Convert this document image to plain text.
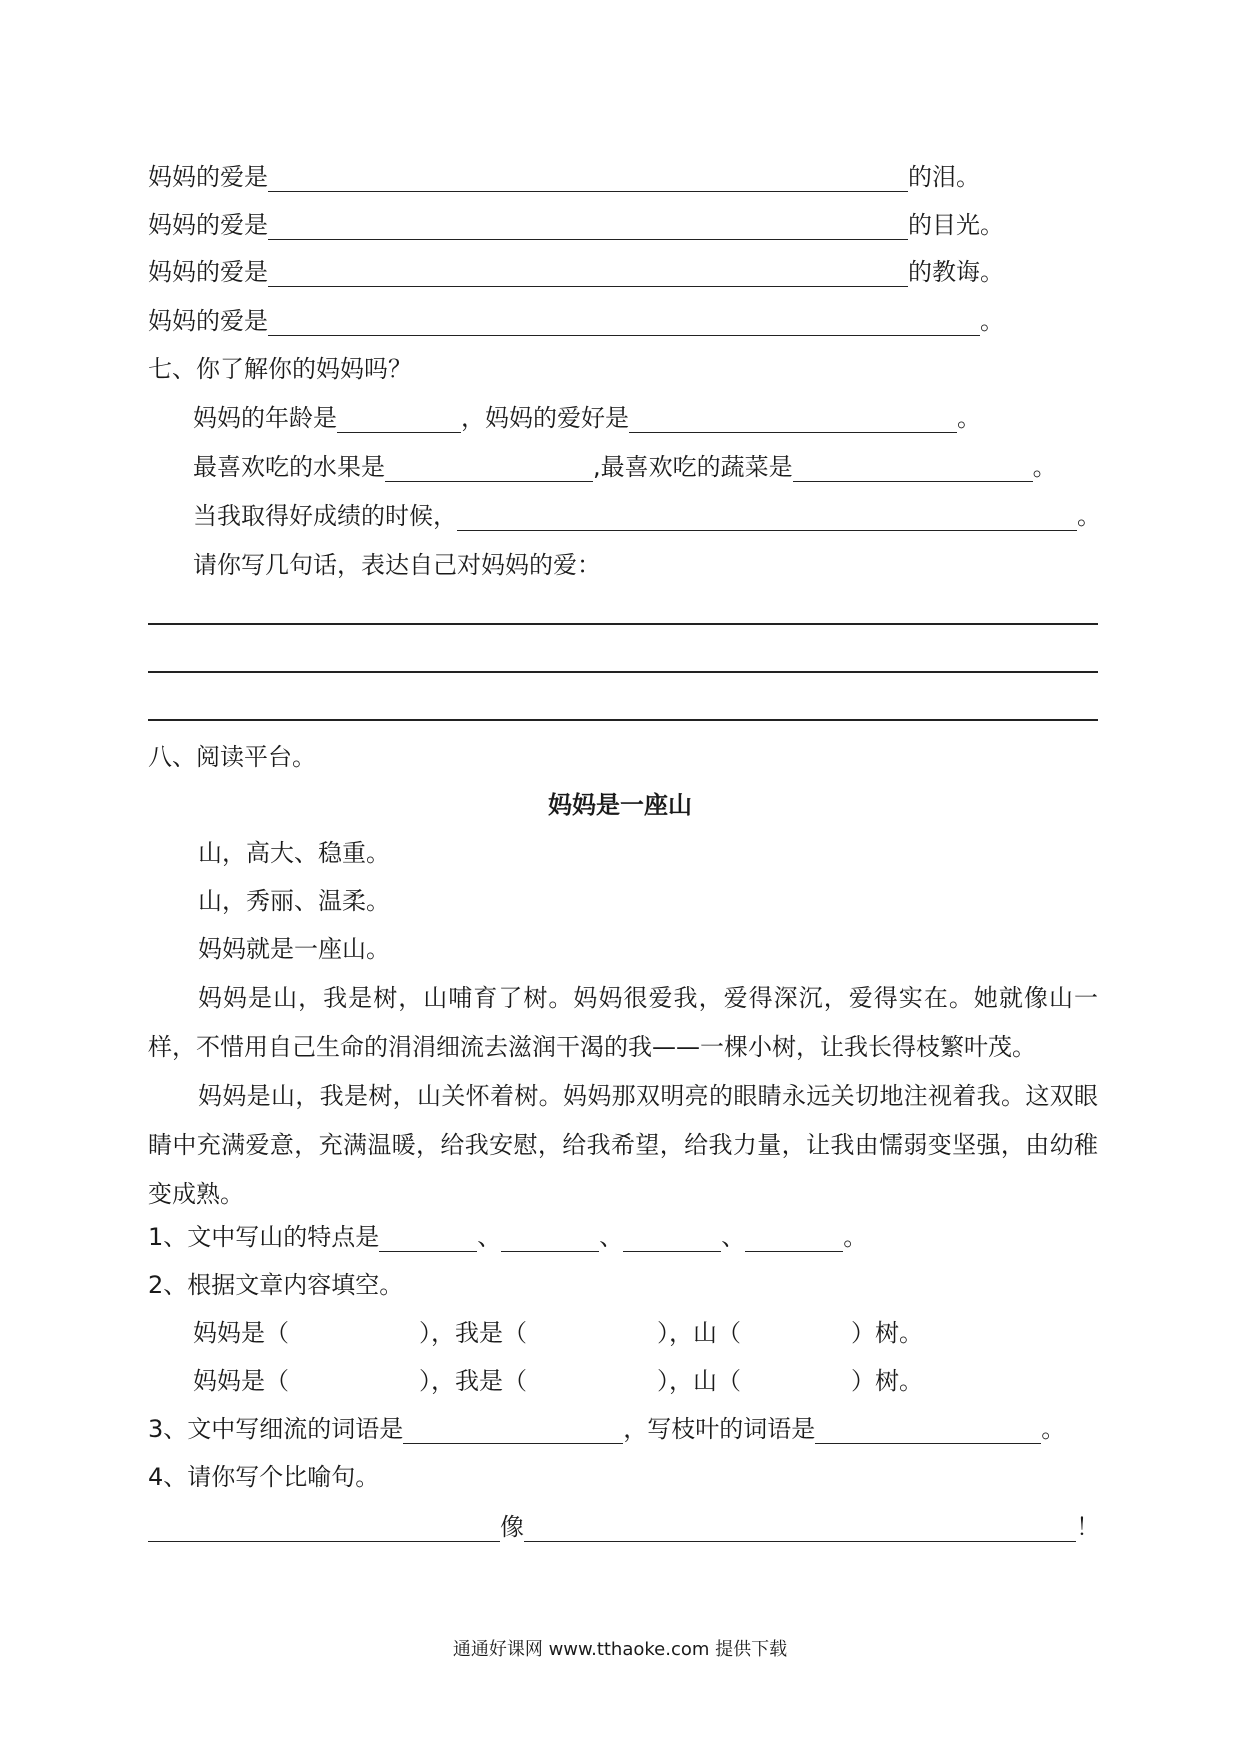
妈妈的爱是	的泪。
妈妈的爱是	的目光。
妈妈的爱是	的教诲。
妈妈的爱是	。
七、你了解你的妈妈吗？
妈妈的年龄是	，妈妈的爱好是	。
最喜欢吃的水果是	,最喜欢吃的蔬菜是	。
当我取得好成绩的时候，	。
请你写几句话，表达自己对妈妈的爱：
八、阅读平台。
妈妈是一座山
山，高大、稳重。
山，秀丽、温柔。
妈妈就是一座山。
妈妈是山，我是树，山哺育了树。妈妈很爱我，爱得深沉，爱得实在。她就像山一样，不惜用自己生命的涓涓细流去滋润干渴的我——一棵小树，让我长得枝繁叶茂。
妈妈是山，我是树，山关怀着树。妈妈那双明亮的眼睛永远关切地注视着我。这双眼睛中充满爱意，充满温暖，给我安慰，给我希望，给我力量，让我由懦弱变坚强，由幼稚变成熟。
1、文中写山的特点是	、	、	、	。
2、根据文章内容填空。
妈妈是（	），我是（	），山（	）树。
妈妈是（	），我是（	），山（	）树。
3、文中写细流的词语是	，写枝叶的词语是	。
4、请你写个比喻句。
像	！
通通好课网 www.tthaoke.com 提供下载
